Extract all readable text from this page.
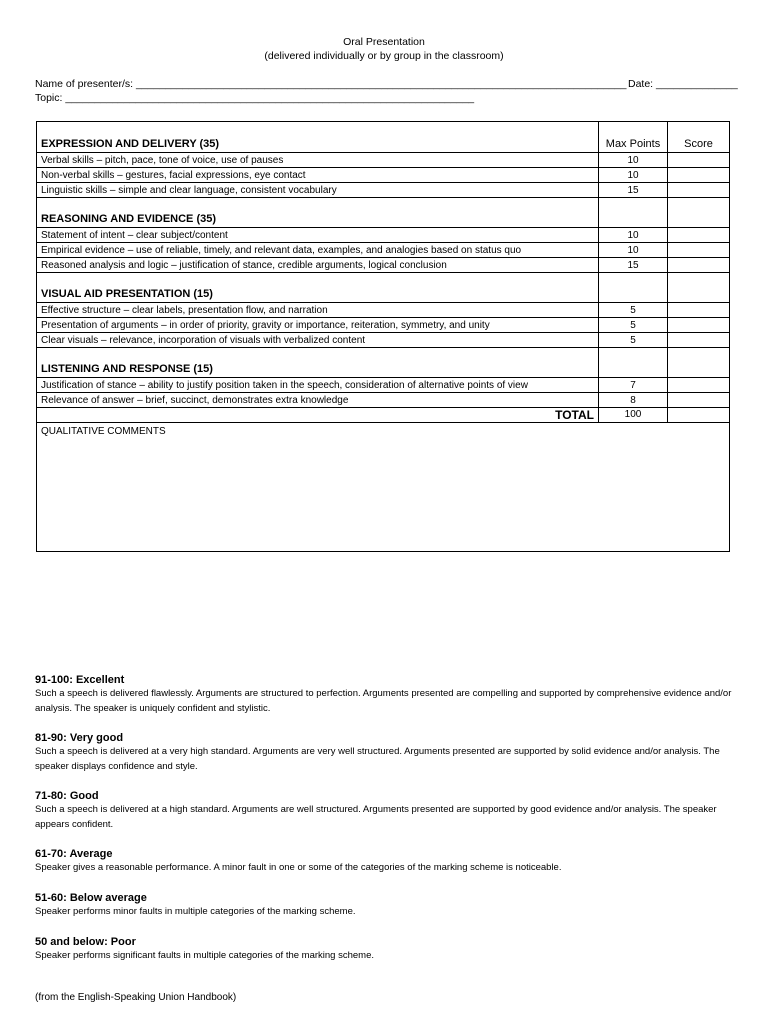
Oral Presentation
(delivered individually or by group in the classroom)
Name of presenter/s: ____________________________________________________________________________________ Date: ______________
Topic: ______________________________________________________________________
EXPRESSION AND DELIVERY (35)	Max Points	Score
Verbal skills – pitch, pace, tone of voice, use of pauses	10	
Non-verbal skills – gestures, facial expressions, eye contact	10	
Linguistic skills – simple and clear language, consistent vocabulary	15	
REASONING AND EVIDENCE (35)		
Statement of intent – clear subject/content	10	
Empirical evidence – use of reliable, timely, and relevant data, examples, and analogies based on status quo	10	
Reasoned analysis and logic – justification of stance, credible arguments, logical conclusion	15	
VISUAL AID PRESENTATION (15)		
Effective structure – clear labels, presentation flow, and narration	5	
Presentation of arguments – in order of priority, gravity or importance, reiteration, symmetry, and unity	5	
Clear visuals – relevance, incorporation of visuals with verbalized content	5	
LISTENING AND RESPONSE (15)		
Justification of stance – ability to justify position taken in the speech, consideration of alternative points of view	7	
Relevance of answer – brief, succinct, demonstrates extra knowledge	8	
TOTAL	100	
QUALITATIVE COMMENTS		
91-100: Excellent
Such a speech is delivered flawlessly. Arguments are structured to perfection. Arguments presented are compelling and supported by comprehensive evidence and/or analysis. The speaker is uniquely confident and stylistic.
81-90: Very good
Such a speech is delivered at a very high standard. Arguments are very well structured. Arguments presented are supported by solid evidence and/or analysis. The speaker displays confidence and style.
71-80: Good
Such a speech is delivered at a high standard. Arguments are well structured. Arguments presented are supported by good evidence and/or analysis. The speaker appears confident.
61-70: Average
Speaker gives a reasonable performance. A minor fault in one or some of the categories of the marking scheme is noticeable.
51-60: Below average
Speaker performs minor faults in multiple categories of the marking scheme.
50 and below: Poor
Speaker performs significant faults in multiple categories of the marking scheme.
(from the English-Speaking Union Handbook)
